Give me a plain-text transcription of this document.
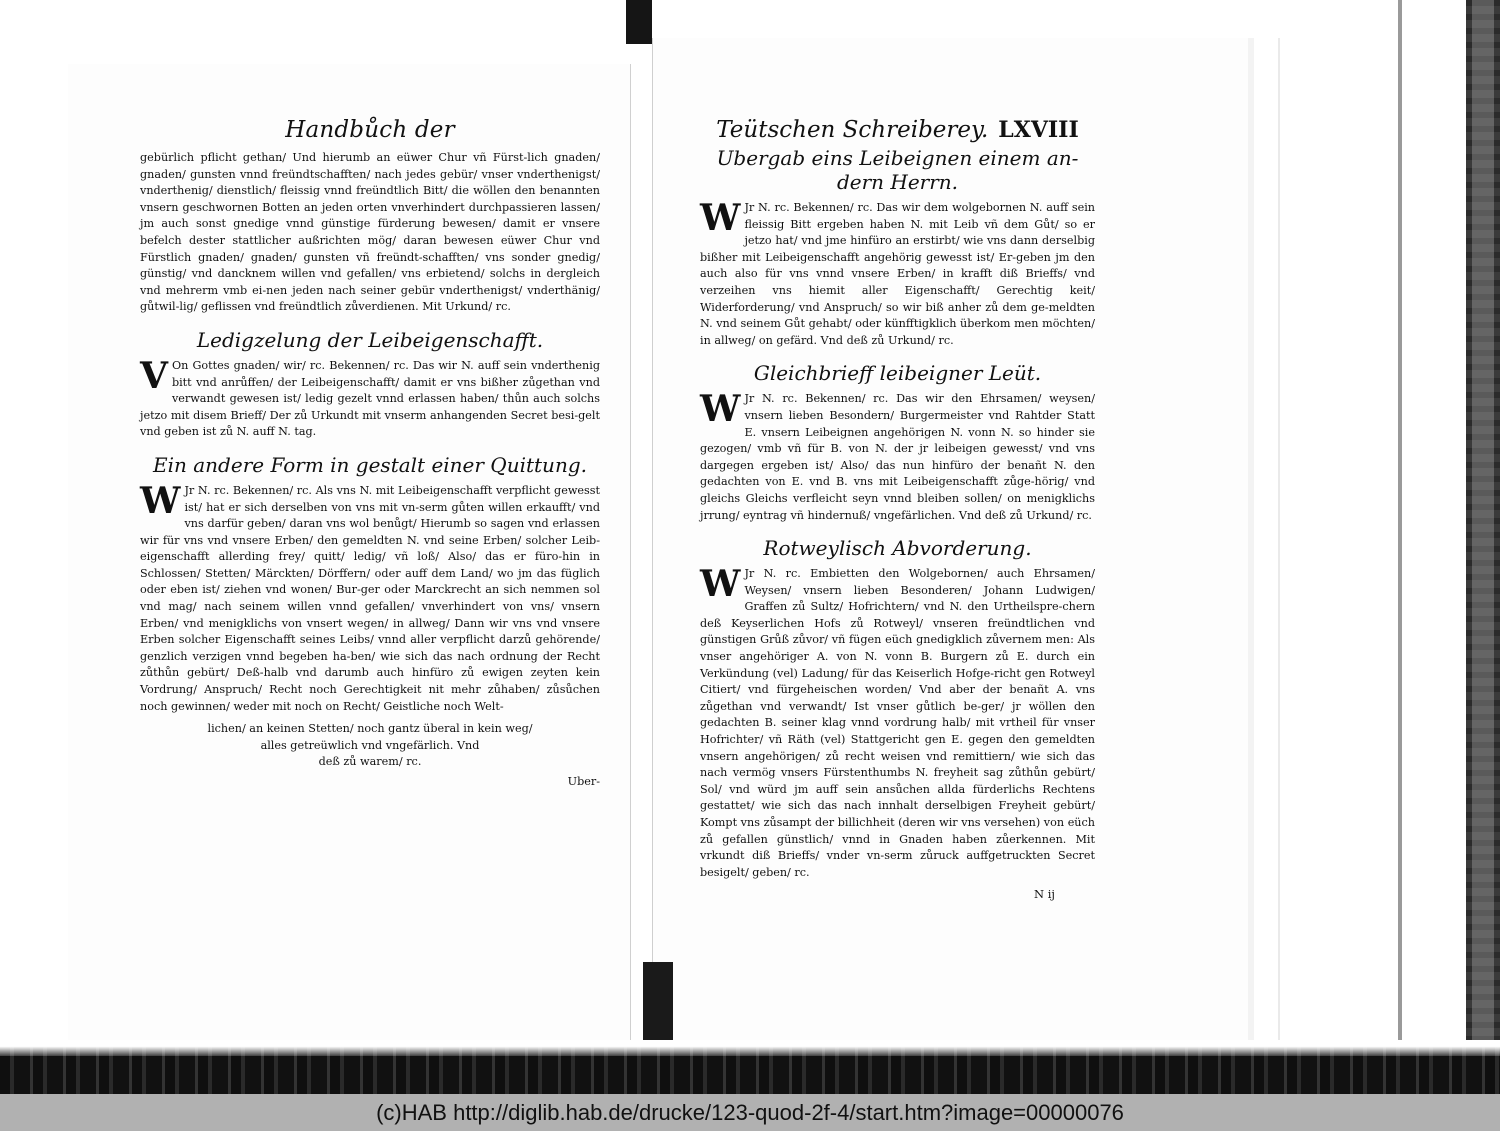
Handbůch der

gebürlich pflicht gethan/ Und hierumb an eüwer Chur vñ Fürst-lich gnaden/ gnaden/ gunsten vnnd freündtschafften/ nach jedes gebür/ vnser vnderthenigst/ vnderthenig/ dienstlich/ fleissig vnnd freündtlich Bitt/ die wöllen den benannten vnsern geschwornen Botten an jeden orten vnverhindert durchpassieren lassen/ jm auch sonst gnedige vnnd günstige fürderung bewesen/ damit er vnsere befelch dester stattlicher außrichten mög/ daran bewesen eüwer Chur vnd Fürstlich gnaden/ gnaden/ gunsten vñ freündt-schafften/ vns sonder gnedig/ günstig/ vnd dancknem willen vnd gefallen/ vns erbietend/ solchs in dergleich vnd mehrerm vmb ei-nen jeden nach seiner gebür vnderthenigst/ vnderthänig/ gůtwil-lig/ geflissen vnd freündtlich zůverdienen. Mit Urkund/ rc.

Ledigzelung der Leibeigenschafft.

V On Gottes gnaden/ wir/ rc. Bekennen/ rc. Das wir N. auff sein vnderthenig bitt vnd anrůffen/ der Leibeigenschafft/ damit er vns bißher zůgethan vnd verwandt gewesen ist/ ledig gezelt vnnd erlassen haben/ thůn auch solchs jetzo mit disem Brieff/ Der zů Urkundt mit vnserm anhangenden Secret besi-gelt vnd geben ist zů N. auff N. tag.

Ein andere Form in gestalt einer Quittung.

W Jr N. rc. Bekennen/ rc. Als vns N. mit Leibeigenschafft verpflicht gewesst ist/ hat er sich derselben von vns mit vn-serm gůten willen erkaufft/ vnd vns darfür geben/ daran vns wol benůgt/ Hierumb so sagen vnd erlassen wir für vns vnd vnsere Erben/ den gemeldten N. vnd seine Erben/ solcher Leib-eigenschafft allerding frey/ quitt/ ledig/ vñ loß/ Also/ das er füro-hin in Schlossen/ Stetten/ Märckten/ Dörffern/ oder auff dem Land/ wo jm das füglich oder eben ist/ ziehen vnd wonen/ Bur-ger oder Marckrecht an sich nemmen sol vnd mag/ nach seinem willen vnnd gefallen/ vnverhindert von vns/ vnsern Erben/ vnd menigklichs von vnsert wegen/ in allweg/ Dann wir vns vnd vnsere Erben solcher Eigenschafft seines Leibs/ vnnd aller verpflicht darzů gehörende/ genzlich verzigen vnnd begeben ha-ben/ wie sich das nach ordnung der Recht zůthůn gebürt/ Deß-halb vnd darumb auch hinfüro zů ewigen zeyten kein Vordrung/ Anspruch/ Recht noch Gerechtigkeit nit mehr zůhaben/ zůsůchen noch gewinnen/ weder mit noch on Recht/ Geistliche noch Welt-

lichen/ an keinen Stetten/ noch gantz überal in kein weg/

alles getreüwlich vnd vngefärlich. Vnd

deß zů warem/ rc.

Uber-
Teütschen Schreiberey. LXVIII
Ubergab eins Leibeignen einem an-dern Herrn.

W Jr N. rc. Bekennen/ rc. Das wir dem wolgebornen N. auff sein fleissig Bitt ergeben haben N. mit Leib vñ dem Gůt/ so er jetzo hat/ vnd jme hinfüro an erstirbt/ wie vns dann derselbig bißher mit Leibeigenschafft angehörig gewesst ist/ Er-geben jm den auch also für vns vnnd vnsere Erben/ in krafft diß Brieffs/ vnd verzeihen vns hiemit aller Eigenschafft/ Gerechtig keit/ Widerforderung/ vnd Anspruch/ so wir biß anher zů dem ge-meldten N. vnd seinem Gůt gehabt/ oder künfftigklich überkom men möchten/ in allweg/ on gefärd. Vnd deß zů Urkund/ rc.

Gleichbrieff leibeigner Leüt.

W Jr N. rc. Bekennen/ rc. Das wir den Ehrsamen/ weysen/ vnsern lieben Besondern/ Burgermeister vnd Rahtder Statt E. vnsern Leibeignen angehörigen N. vonn N. so hinder sie gezogen/ vmb vñ für B. von N. der jr leibeigen gewesst/ vnd vns dargegen ergeben ist/ Also/ das nun hinfüro der benañt N. den gedachten von E. vnd B. vns mit Leibeigenschafft zůge-hörig/ vnd gleichs Gleichs verfleicht seyn vnnd bleiben sollen/ on menigklichs jrrung/ eyntrag vñ hindernuß/ vngefärlichen. Vnd deß zů Urkund/ rc.

Rotweylisch Abvorderung.

W Jr N. rc. Embietten den Wolgebornen/ auch Ehrsamen/ Weysen/ vnsern lieben Besonderen/ Johann Ludwigen/ Graffen zů Sultz/ Hofrichtern/ vnd N. den Urtheilspre-chern deß Keyserlichen Hofs zů Rotweyl/ vnseren freündtlichen vnd günstigen Grůß zůvor/ vñ fügen eüch gnedigklich zůvernem men: Als vnser angehöriger A. von N. vonn B. Burgern zů E. durch ein Verkündung (vel) Ladung/ für das Keiserlich Hofge-richt gen Rotweyl Citiert/ vnd fürgeheischen worden/ Vnd aber der benañt A. vns zůgethan vnd verwandt/ Ist vnser gůtlich be-ger/ jr wöllen den gedachten B. seiner klag vnnd vordrung halb/ mit vrtheil für vnser Hofrichter/ vñ Räth (vel) Stattgericht gen E. gegen den gemeldten vnsern angehörigen/ zů recht weisen vnd remittiern/ wie sich das nach vermög vnsers Fürstenthumbs N. freyheit sag zůthůn gebürt/ Sol/ vnd würd jm auff sein ansůchen allda fürderlichs Rechtens gestattet/ wie sich das nach innhalt derselbigen Freyheit gebürt/ Kompt vns zůsampt der billichheit (deren wir vns versehen) von eüch zů gefallen günstlich/ vnnd in Gnaden haben zůerkennen. Mit vrkundt diß Brieffs/ vnder vn-serm zůruck auffgetruckten Secret besigelt/ geben/ rc.

N ij
(c)HAB http://diglib.hab.de/drucke/123-quod-2f-4/start.htm?image=00000076
